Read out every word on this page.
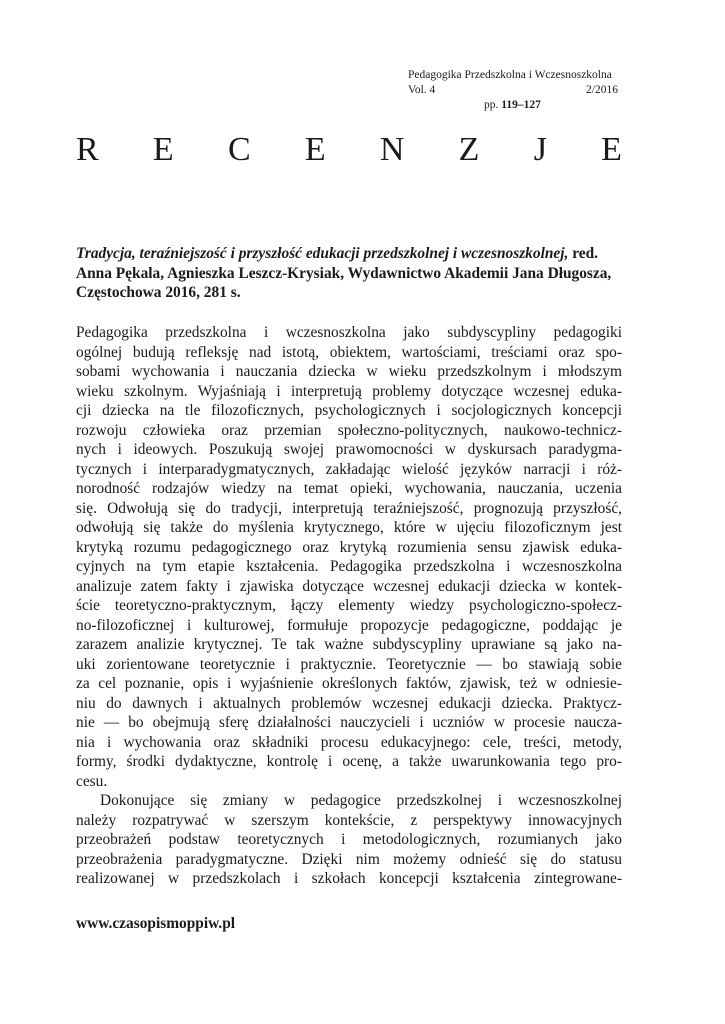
Pedagogika Przedszkolna i Wczesnoszkolna
Vol. 4	2/2016
pp. 119–127
R E C E N Z J E
Tradycja, teraźniejszość i przyszłość edukacji przedszkolnej i wczesnoszkolnej, red. Anna Pękala, Agnieszka Leszcz-Krysiak, Wydawnictwo Akademii Jana Długosza, Częstochowa 2016, 281 s.
Pedagogika przedszkolna i wczesnoszkolna jako subdyscypliny pedagogiki
ogólnej budują refleksję nad istotą, obiektem, wartościami, treściami oraz spo-
sobami wychowania i nauczania dziecka w wieku przedszkolnym i młodszym
wieku szkolnym. Wyjaśniają i interpretują problemy dotyczące wczesnej eduka-
cji dziecka na tle filozoficznych, psychologicznych i socjologicznych koncepcji
rozwoju człowieka oraz przemian społeczno-politycznych, naukowo-technicz-
nych i ideowych. Poszukują swojej prawomocności w dyskursach paradygma-
tycznych i interparadygmatycznych, zakładając wielość języków narracji i róż-
norodność rodzajów wiedzy na temat opieki, wychowania, nauczania, uczenia
się. Odwołują się do tradycji, interpretują teraźniejszość, prognozują przyszłość,
odwołują się także do myślenia krytycznego, które w ujęciu filozoficznym jest
krytyką rozumu pedagogicznego oraz krytyką rozumienia sensu zjawisk eduka-
cyjnych na tym etapie kształcenia. Pedagogika przedszkolna i wczesnoszkolna
analizuje zatem fakty i zjawiska dotyczące wczesnej edukacji dziecka w kontek-
ście teoretyczno-praktycznym, łączy elementy wiedzy psychologiczno-społecz-
no-filozoficznej i kulturowej, formułuje propozycje pedagogiczne, poddając je
zarazem analizie krytycznej. Te tak ważne subdyscypliny uprawiane są jako na-
uki zorientowane teoretycznie i praktycznie. Teoretycznie — bo stawiają sobie
za cel poznanie, opis i wyjaśnienie określonych faktów, zjawisk, też w odniesie-
niu do dawnych i aktualnych problemów wczesnej edukacji dziecka. Praktycz-
nie — bo obejmują sferę działalności nauczycieli i uczniów w procesie naucza-
nia i wychowania oraz składniki procesu edukacyjnego: cele, treści, metody,
formy, środki dydaktyczne, kontrolę i ocenę, a także uwarunkowania tego pro-
cesu.
Dokonujące się zmiany w pedagogice przedszkolnej i wczesnoszkolnej
należy rozpatrywać w szerszym kontekście, z perspektywy innowacyjnych
przeobrażeń podstaw teoretycznych i metodologicznych, rozumianych jako
przeobrażenia paradygmatyczne. Dzięki nim możemy odnieść się do statusu
realizowanej w przedszkolach i szkołach koncepcji kształcenia zintegrowane-
www.czasopismoppiw.pl
